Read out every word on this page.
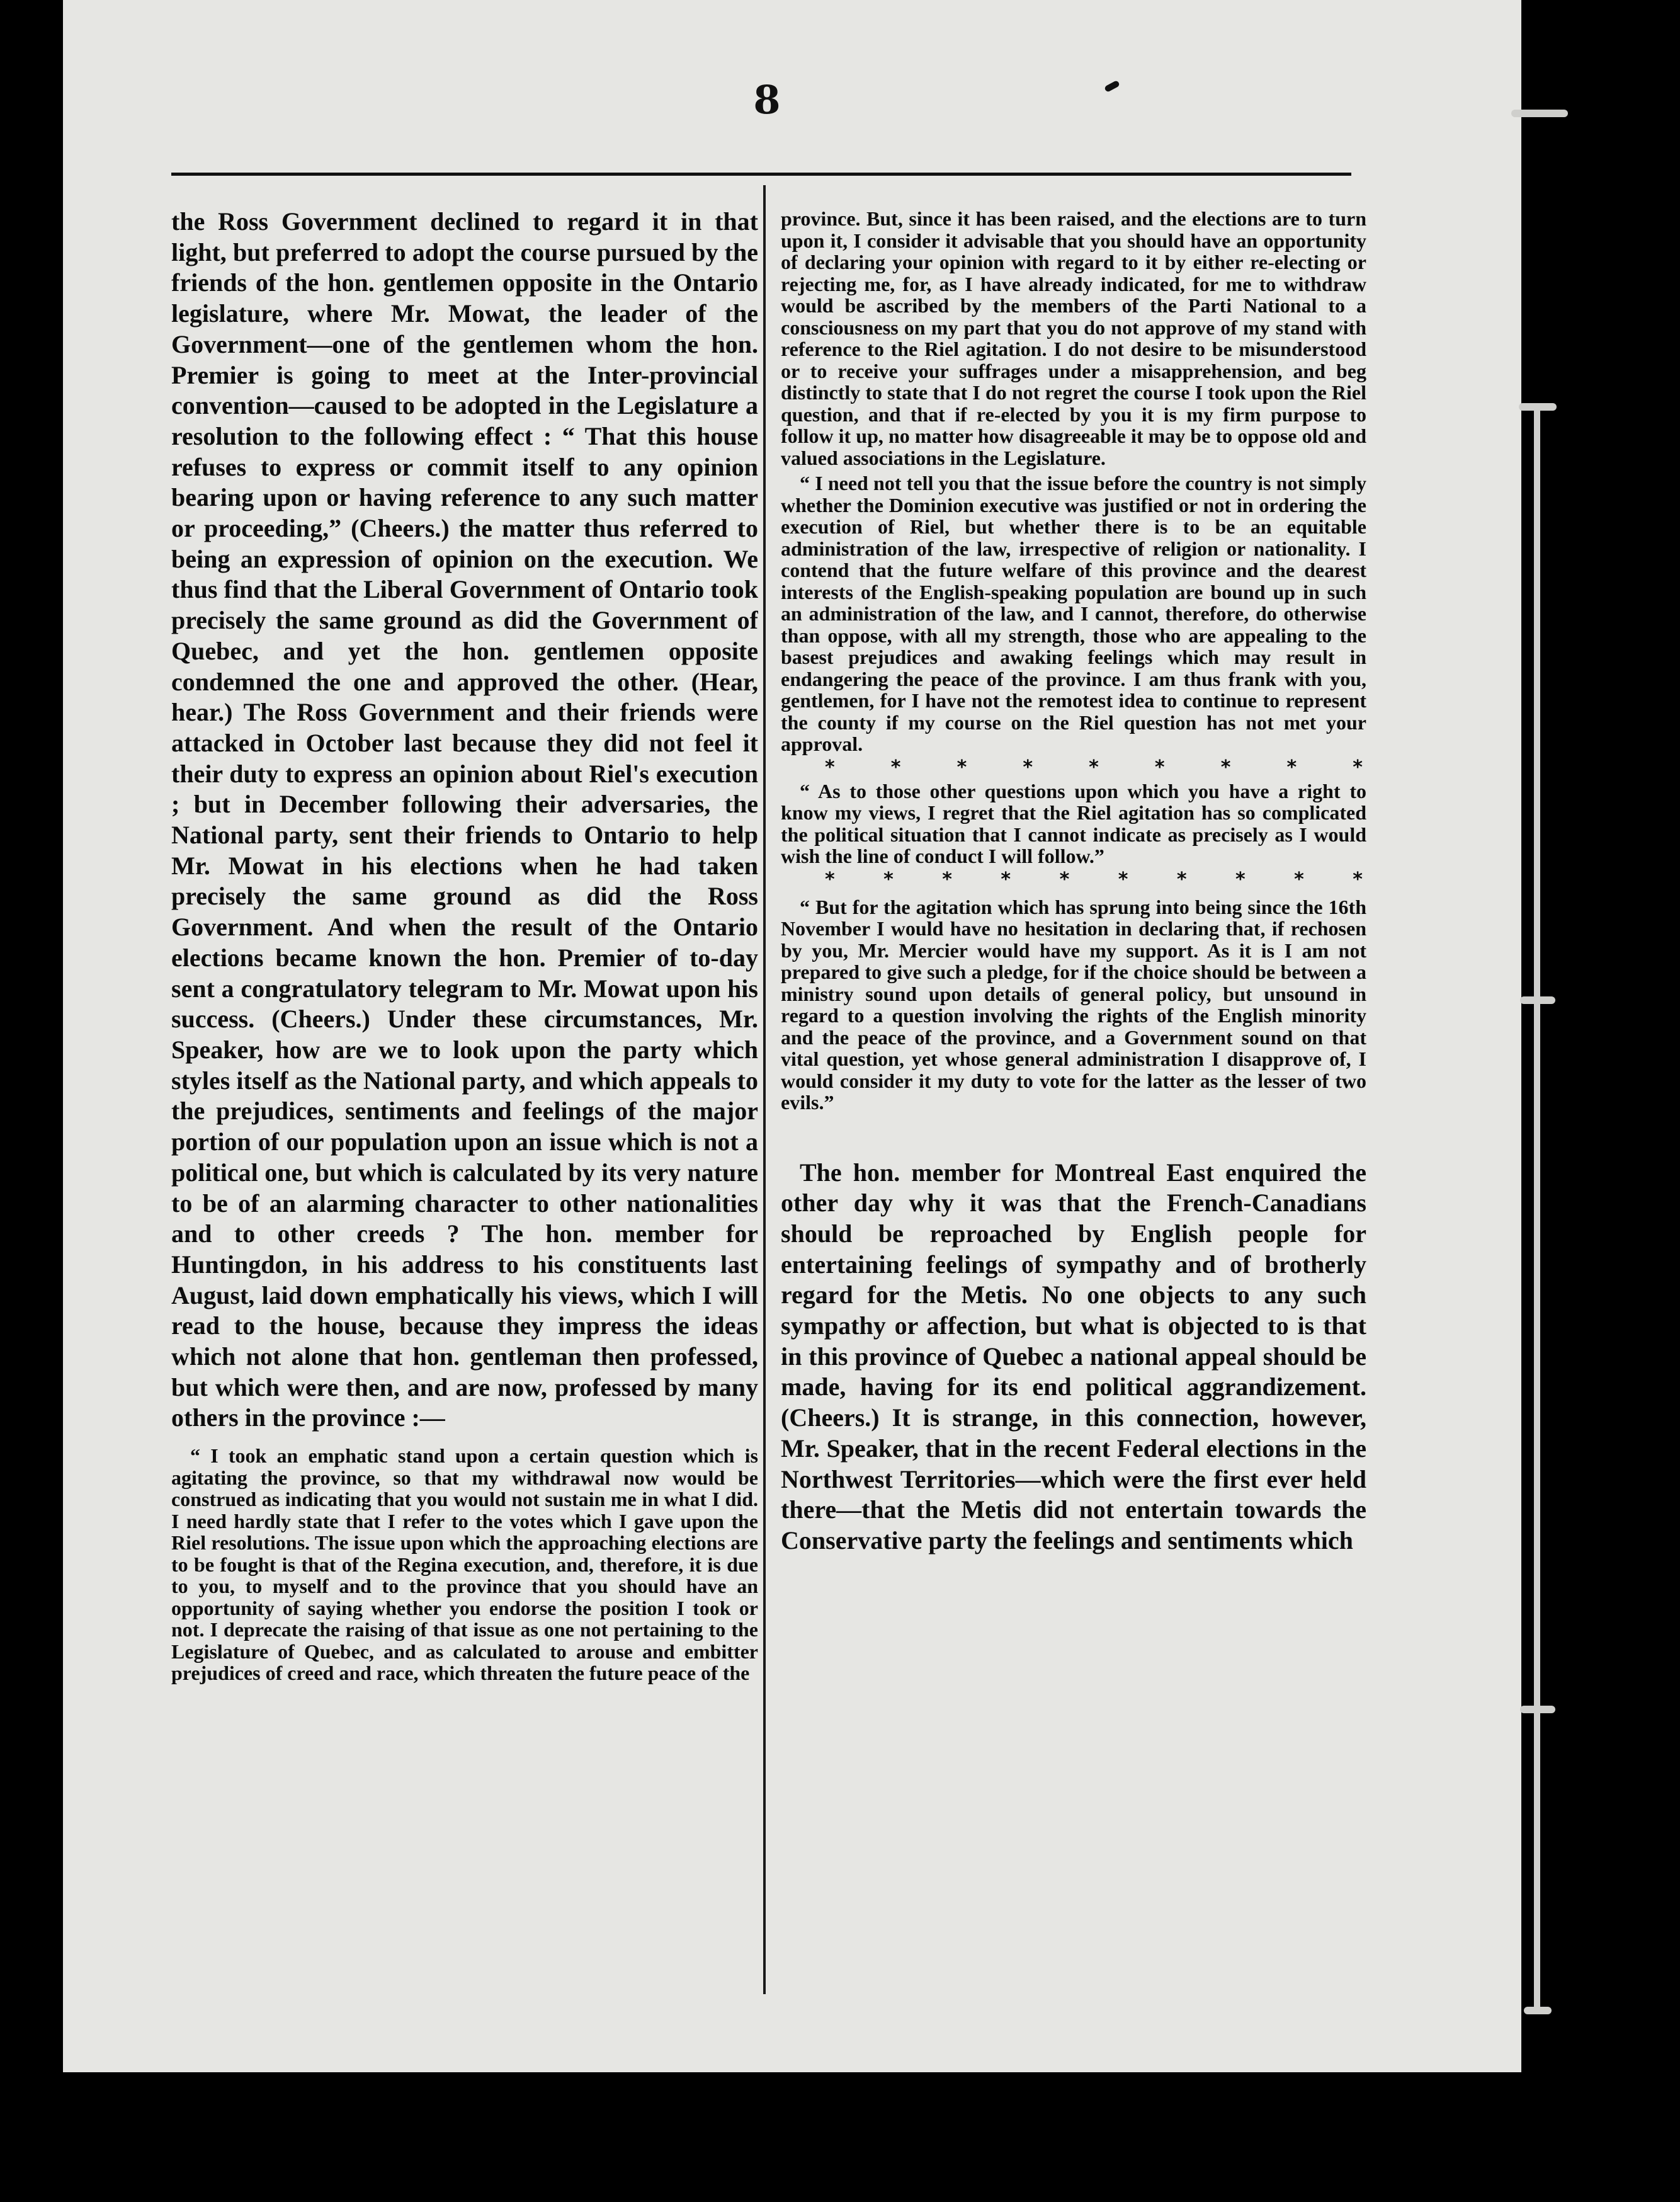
8

the Ross Government declined to regard it in that light, but preferred to adopt the course pursued by the friends of the hon. gentlemen opposite in the Ontario legislature, where Mr. Mowat, the leader of the Government—one of the gentlemen whom the hon. Premier is going to meet at the Inter-provincial convention—caused to be adopted in the Legislature a resolution to the following effect : “ That this house refuses to express or commit itself to any opinion bearing upon or having reference to any such matter or proceeding,” (Cheers.) the matter thus referred to being an expression of opinion on the execution. We thus find that the Liberal Government of Ontario took precisely the same ground as did the Government of Quebec, and yet the hon. gentlemen opposite condemned the one and approved the other. (Hear, hear.) The Ross Government and their friends were attacked in October last because they did not feel it their duty to express an opinion about Riel's execution ; but in December following their adversaries, the National party, sent their friends to Ontario to help Mr. Mowat in his elections when he had taken precisely the same ground as did the Ross Government. And when the result of the Ontario elections became known the hon. Premier of to-day sent a congratulatory telegram to Mr. Mowat upon his success. (Cheers.) Under these circumstances, Mr. Speaker, how are we to look upon the party which styles itself as the National party, and which appeals to the prejudices, sentiments and feelings of the major portion of our population upon an issue which is not a political one, but which is calculated by its very nature to be of an alarming character to other nationalities and to other creeds ? The hon. member for Huntingdon, in his address to his constituents last August, laid down emphatically his views, which I will read to the house, because they impress the ideas which not alone that hon. gentleman then professed, but which were then, and are now, professed by many others in the province :—

“ I took an emphatic stand upon a certain question which is agitating the province, so that my withdrawal now would be construed as indicating that you would not sustain me in what I did. I need hardly state that I refer to the votes which I gave upon the Riel resolutions. The issue upon which the approaching elections are to be fought is that of the Regina execution, and, therefore, it is due to you, to myself and to the province that you should have an opportunity of saying whether you endorse the position I took or not. I deprecate the raising of that issue as one not pertaining to the Legislature of Quebec, and as calculated to arouse and embitter prejudices of creed and race, which threaten the future peace of the

province. But, since it has been raised, and the elections are to turn upon it, I consider it advisable that you should have an opportunity of declaring your opinion with regard to it by either re-electing or rejecting me, for, as I have already indicated, for me to withdraw would be ascribed by the members of the Parti National to a consciousness on my part that you do not approve of my stand with reference to the Riel agitation. I do not desire to be misunderstood or to receive your suffrages under a misapprehension, and beg distinctly to state that I do not regret the course I took upon the Riel question, and that if re-elected by you it is my firm purpose to follow it up, no matter how disagreeable it may be to oppose old and valued associations in the Legislature.

“ I need not tell you that the issue before the country is not simply whether the Dominion executive was justified or not in ordering the execution of Riel, but whether there is to be an equitable administration of the law, irrespective of religion or nationality. I contend that the future welfare of this province and the dearest interests of the English-speaking population are bound up in such an administration of the law, and I cannot, therefore, do otherwise than oppose, with all my strength, those who are appealing to the basest prejudices and awaking feelings which may result in endangering the peace of the province. I am thus frank with you, gentlemen, for I have not the remotest idea to continue to represent the county if my course on the Riel question has not met your approval.

*	*	*	*	*	*	*	*	*

“ As to those other questions upon which you have a right to know my views, I regret that the Riel agitation has so complicated the political situation that I cannot indicate as precisely as I would wish the line of conduct I will follow.”

*	*	*	*	*	*	*	*	*	*

“ But for the agitation which has sprung into being since the 16th November I would have no hesitation in declaring that, if rechosen by you, Mr. Mercier would have my support. As it is I am not prepared to give such a pledge, for if the choice should be between a ministry sound upon details of general policy, but unsound in regard to a question involving the rights of the English minority and the peace of the province, and a Government sound on that vital question, yet whose general administration I disapprove of, I would consider it my duty to vote for the latter as the lesser of two evils.”

The hon. member for Montreal East enquired the other day why it was that the French-Canadians should be reproached by English people for entertaining feelings of sympathy and of brotherly regard for the Metis. No one objects to any such sympathy or affection, but what is objected to is that in this province of Quebec a national appeal should be made, having for its end political aggrandizement. (Cheers.) It is strange, in this connection, however, Mr. Speaker, that in the recent Federal elections in the Northwest Territories—which were the first ever held there—that the Metis did not entertain towards the Conservative party the feelings and sentiments which
